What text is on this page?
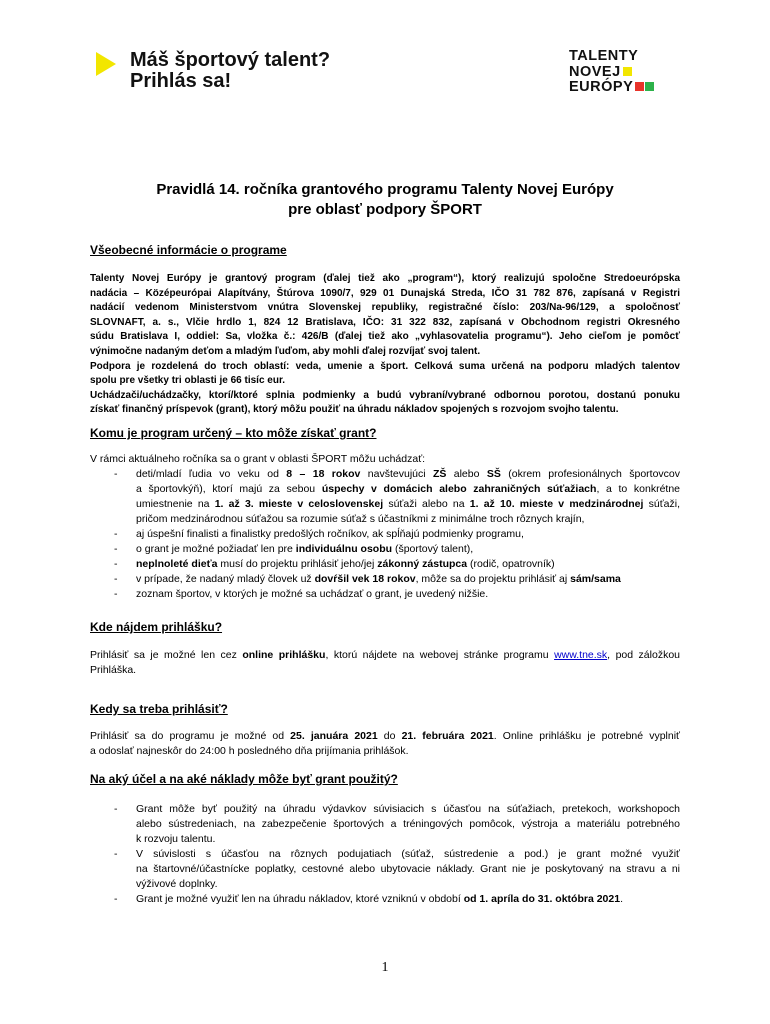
Máš športový talent?
Prihlás sa!
TALENTY
NOVEJ
EURÓPY
Pravidlá 14. ročníka grantového programu Talenty Novej Európy
pre oblasť podpory ŠPORT
Všeobecné informácie o programe
Talenty Novej Európy je grantový program (ďalej tiež ako „program“), ktorý realizujú spoločne Stredoeurópska
nadácia – Középeurópai Alapítvány, Štúrova 1090/7, 929 01 Dunajská Streda, IČO 31 782 876, zapísaná v Registri
nadácií vedenom Ministerstvom vnútra Slovenskej republiky, registračné číslo: 203/Na-96/129, a spoločnosť
SLOVNAFT, a. s., Vlčie hrdlo 1, 824 12 Bratislava, IČO: 31 322 832, zapísaná v Obchodnom registri Okresného
súdu Bratislava I, oddiel: Sa, vložka č.: 426/B (ďalej tiež ako „vyhlasovatelia programu“). Jeho cieľom je pomôcť
výnimočne nadaným deťom a mladým ľuďom, aby mohli ďalej rozvíjať svoj talent.
Podpora je rozdelená do troch oblastí: veda, umenie a šport. Celková suma určená na podporu mladých talentov
spolu pre všetky tri oblasti je 66 tisíc eur.
Uchádzači/uchádzačky, ktorí/ktoré splnia podmienky a budú vybraní/vybrané odbornou porotou, dostanú ponuku
získať finančný príspevok (grant), ktorý môžu použiť na úhradu nákladov spojených s rozvojom svojho talentu.
Komu je program určený – kto môže získať grant?
V rámci aktuálneho ročníka sa o grant v oblasti ŠPORT môžu uchádzať:
- deti/mladí ľudia vo veku od 8 – 18 rokov navštevujúci ZŠ alebo SŠ (okrem profesionálnych športovcov
a športovkýň), ktorí majú za sebou úspechy v domácich alebo zahraničných súťažiach, a to konkrétne
umiestnenie na 1. až 3. mieste v celoslovenskej súťaži alebo na 1. až 10. mieste v medzinárodnej súťaži,
pričom medzinárodnou súťažou sa rozumie súťaž s účastníkmi z minimálne troch rôznych krajín,
- aj úspešní finalisti a finalistky predošlých ročníkov, ak spĺňajú podmienky programu,
- o grant je možné požiadať len pre individuálnu osobu (športový talent),
- neplnoleté dieťa musí do projektu prihlásiť jeho/jej zákonný zástupca (rodič, opatrovník)
- v prípade, že nadaný mladý človek už dovŕšil vek 18 rokov, môže sa do projektu prihlásiť aj sám/sama
- zoznam športov, v ktorých je možné sa uchádzať o grant, je uvedený nižšie.
Kde nájdem prihlášku?
Prihlásiť sa je možné len cez online prihlášku, ktorú nájdete na webovej stránke programu www.tne.sk, pod záložkou
Prihláška.
Kedy sa treba prihlásiť?
Prihlásiť sa do programu je možné od 25. januára 2021 do 21. februára 2021. Online prihlášku je potrebné vyplniť
a odoslať najneskôr do 24:00 h posledného dňa prijímania prihlášok.
Na aký účel a na aké náklady môže byť grant použitý?
- Grant môže byť použitý na úhradu výdavkov súvisiacich s účasťou na súťažiach, pretekoch, workshopoch
alebo sústredeniach, na zabezpečenie športových a tréningových pomôcok, výstroja a materiálu potrebného
k rozvoju talentu.
- V súvislosti s účasťou na rôznych podujatiach (súťaž, sústredenie a pod.) je grant možné využiť
na štartovné/účastnícke poplatky, cestovné alebo ubytovacie náklady. Grant nie je poskytovaný na stravu a ni
výživové doplnky.
- Grant je možné využiť len na úhradu nákladov, ktoré vzniknú v období od 1. apríla do 31. októbra 2021.
1
